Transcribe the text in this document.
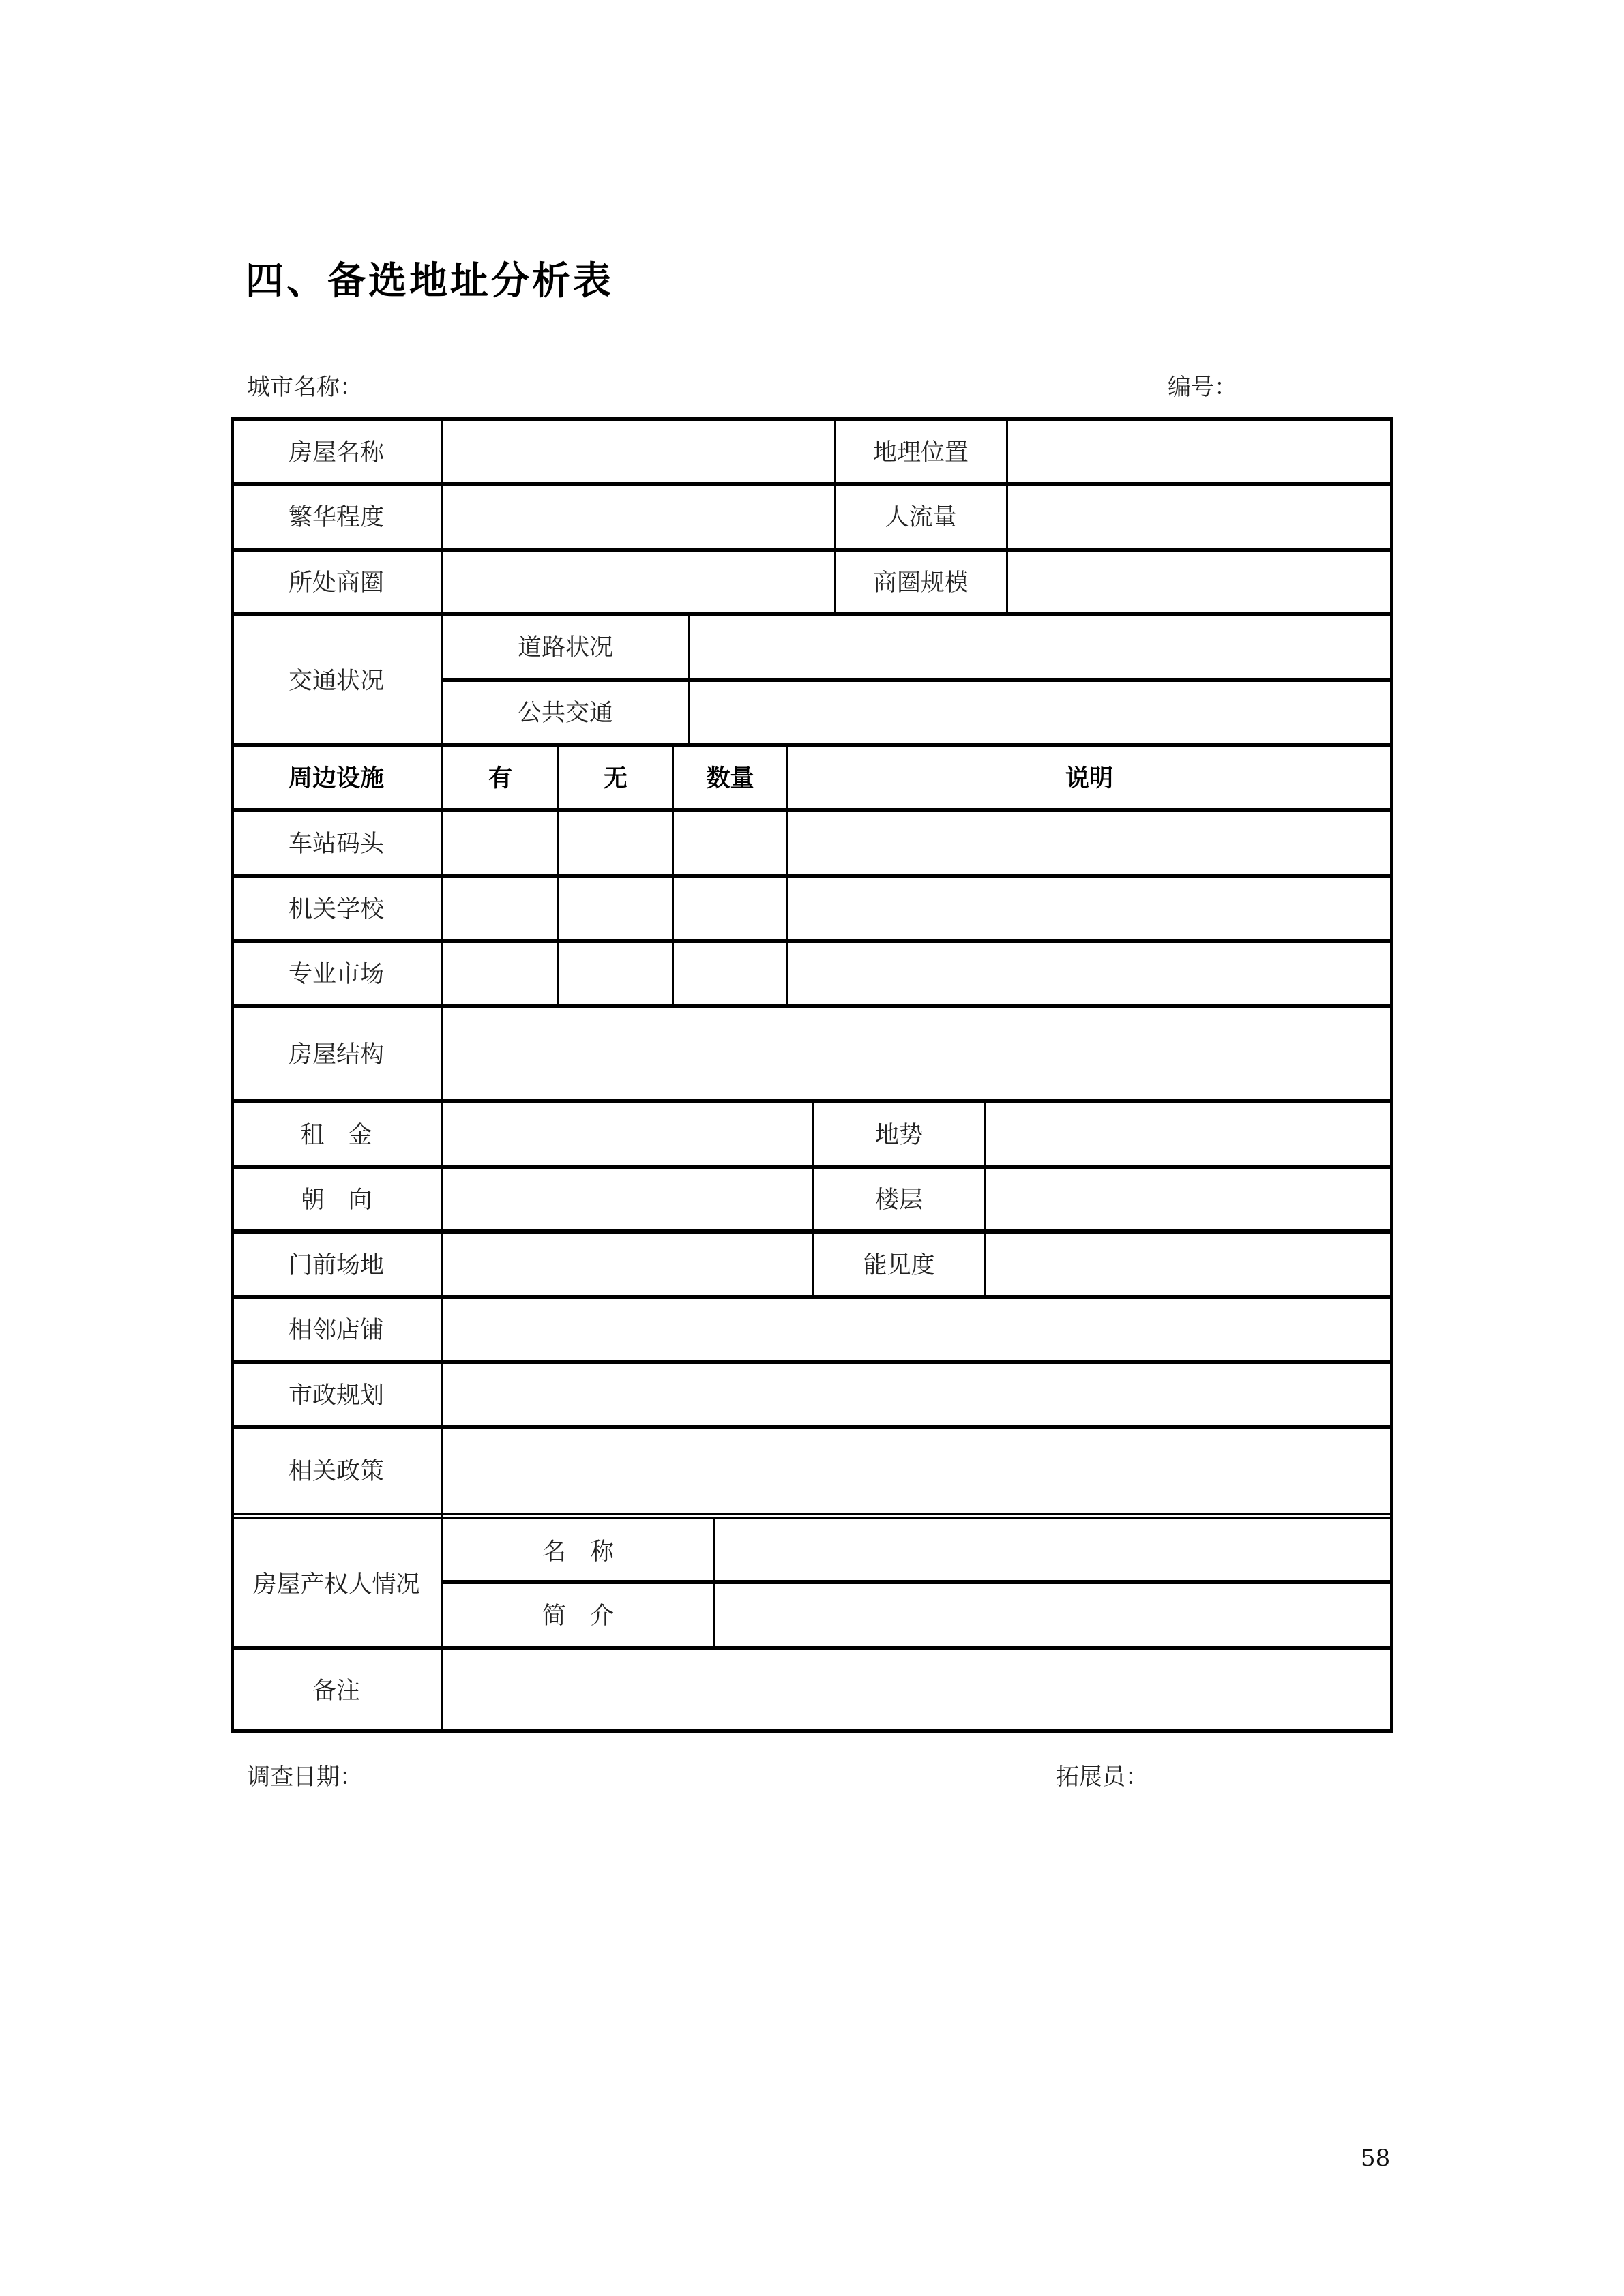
四、备选地址分析表
城市名称：	编号：
房屋名称	地理位置
繁华程度	人流量
所处商圈	商圈规模
交通状况
道路状况
公共交通
周边设施	有	无	数量	说明
车站码头
机关学校
专业市场
房屋结构
租　金	地势
朝　向	楼层
门前场地	能见度
相邻店铺
市政规划
相关政策
房屋产权人情况
名　称
简　介
备注
调查日期：	拓展员：
58
